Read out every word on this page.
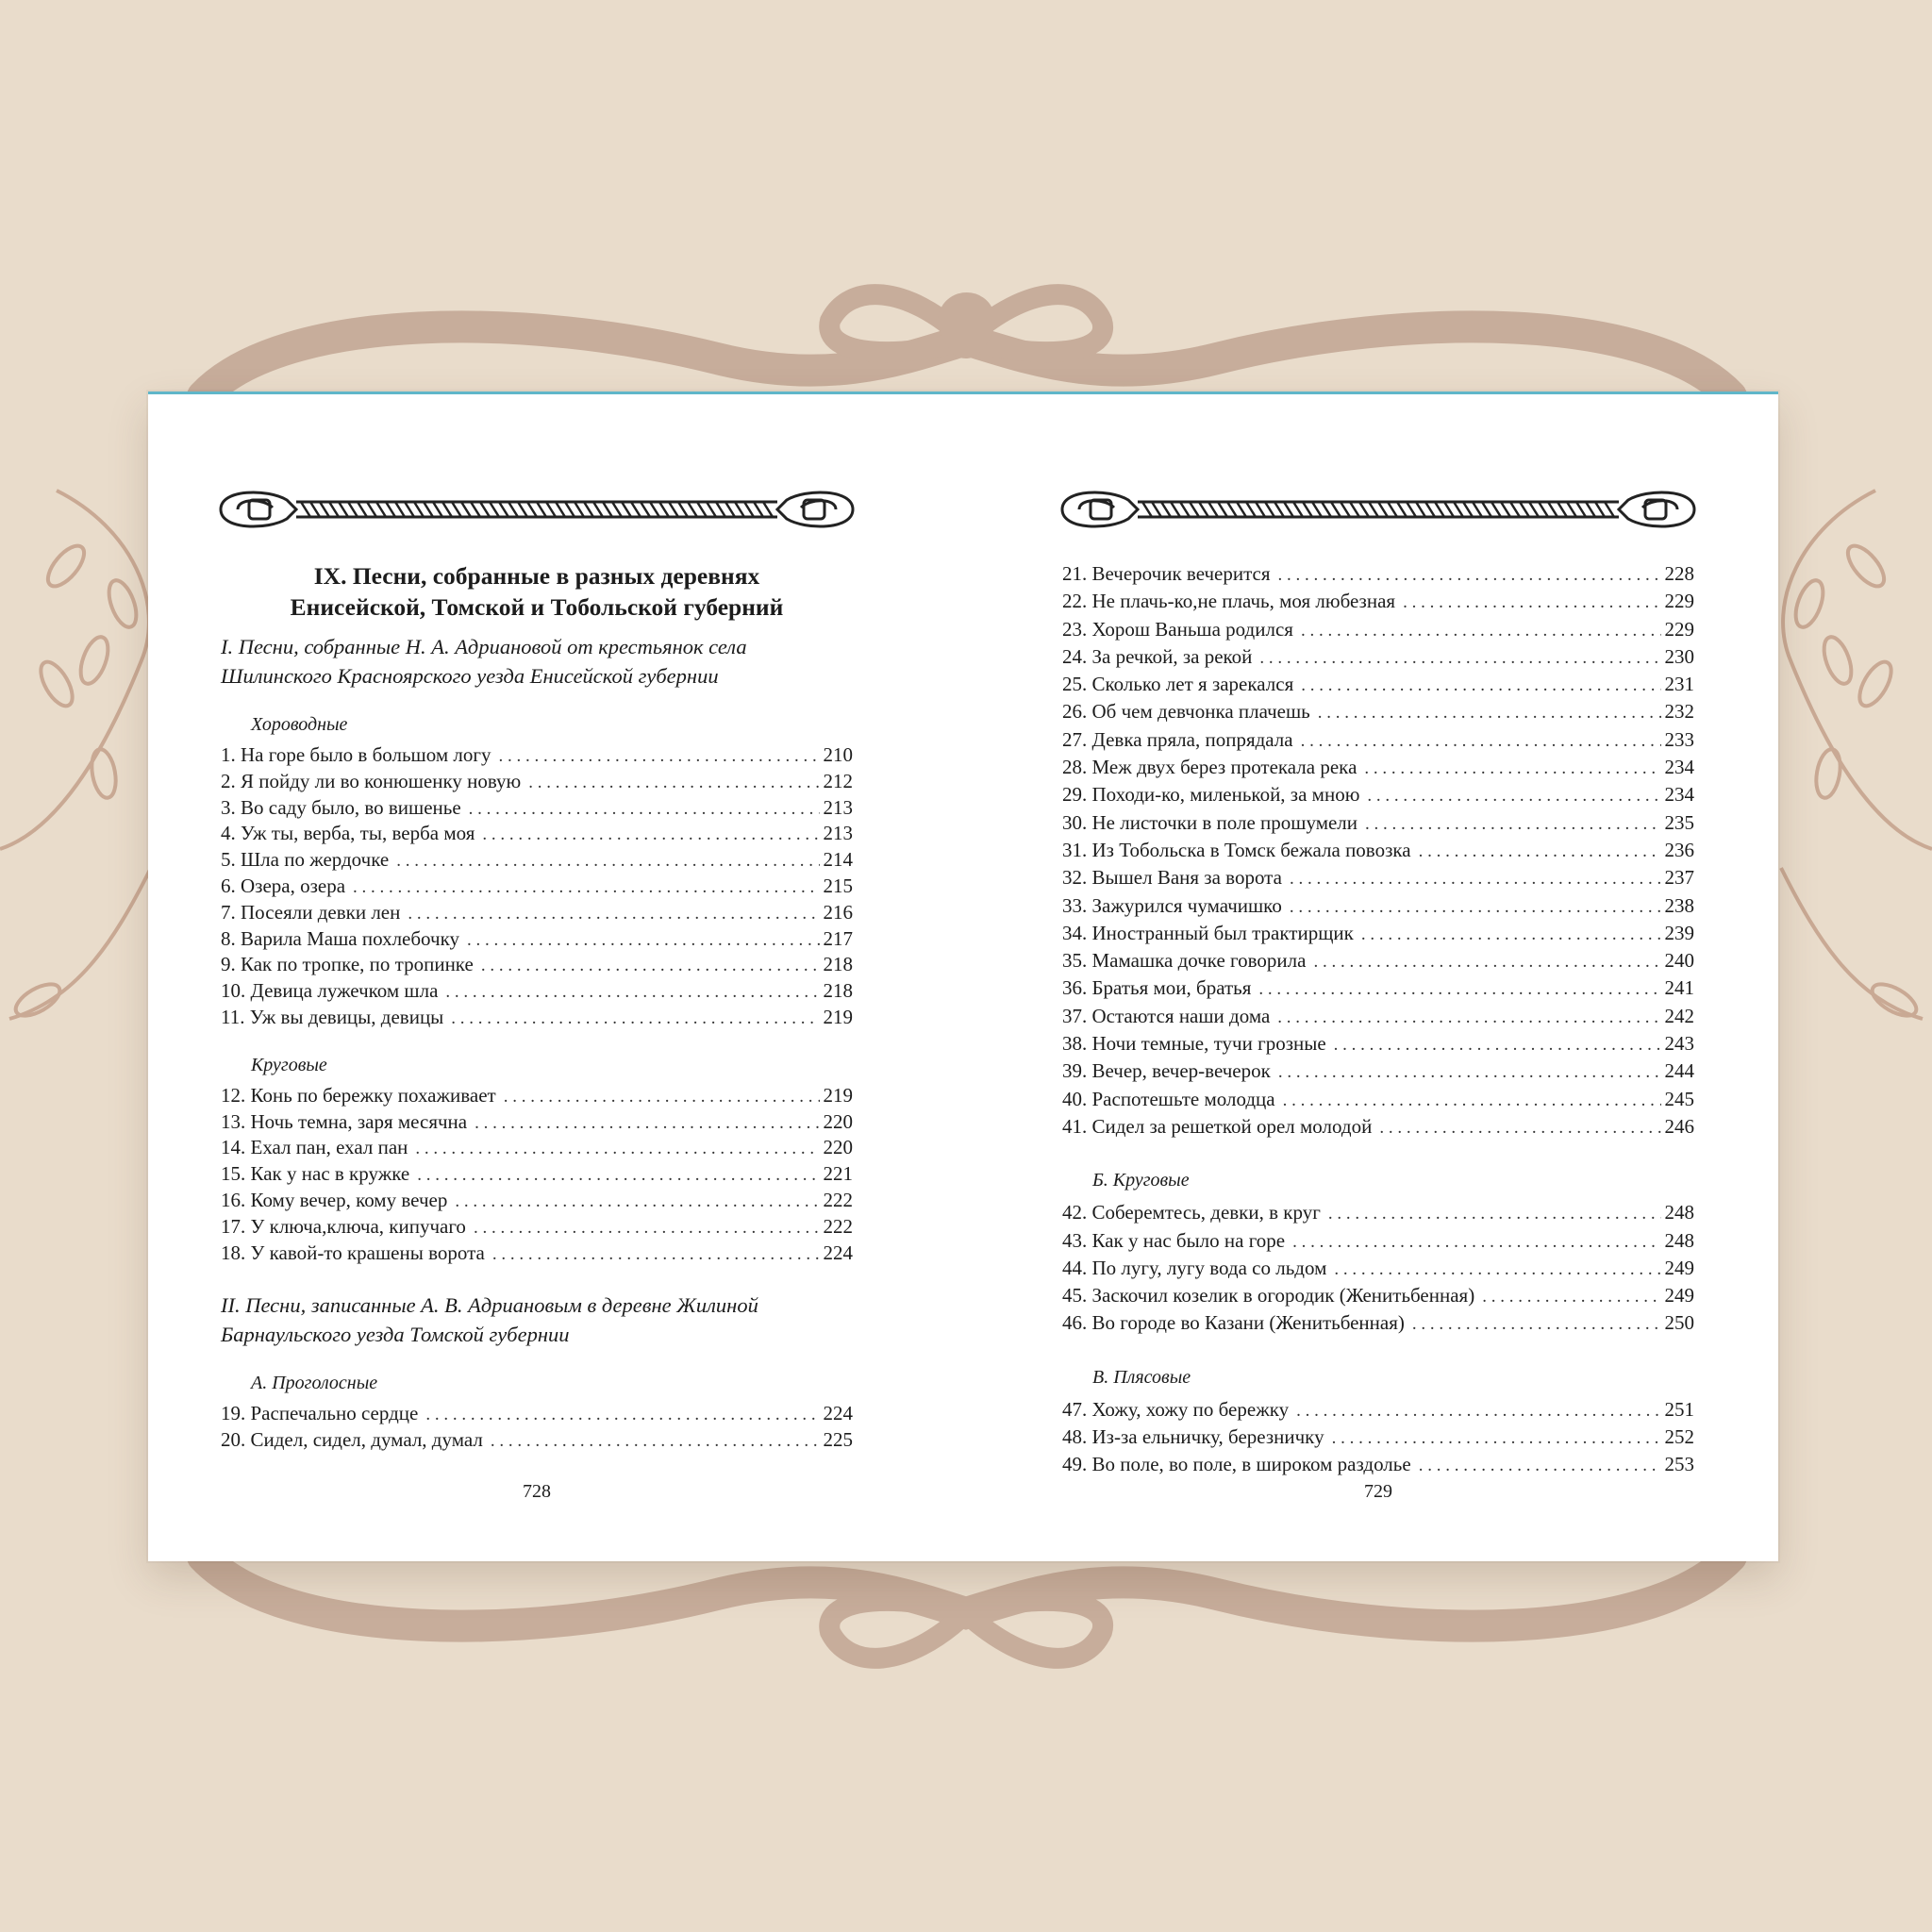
IX. Песни, собранные в разных деревнях
Енисейской, Томской и Тобольской губерний
I. Песни, собранные Н. А. Адриановой от крестьянок села Шилинского Красноярского уезда Енисейской губернии
Хороводные
1. На горе было в большом логу . . .	210
2. Я пойду ли во конюшенку новую . . .	212
3. Во саду было, во вишенье . . .	213
4. Уж ты, верба, ты, верба моя . . .	213
5. Шла по жердочке . . .	214
6. Озера, озера . . .	215
7. Посеяли девки лен . . .	216
8. Варила Маша похлебочку . . .	217
9. Как по тропке, по тропинке . . .	218
10. Девица лужечком шла . . .	218
11. Уж вы девицы, девицы . . .	219
Круговые
12. Конь по бережку похаживает . . .	219
13. Ночь темна, заря месячна . . .	220
14. Ехал пан, ехал пан . . .	220
15. Как у нас в кружке . . .	221
16. Кому вечер, кому вечер . . .	222
17. У ключа,ключа, кипучаго . . .	222
18. У кавой-то крашены ворота . . .	224
II. Песни, записанные А. В. Адриановым в деревне Жилиной Барнаульского уезда Томской губернии
А. Проголосные
19. Распечально сердце . . .	224
20. Сидел, сидел, думал, думал . . .	225
728
21. Вечерочик вечерится . . .	228
22. Не плачь-ко,не плачь, моя любезная . . .	229
23. Хорош Ваньша родился . . .	229
24. За речкой, за рекой . . .	230
25. Сколько лет я зарекался . . .	231
26. Об чем девчонка плачешь . . .	232
27. Девка пряла, попрядала . . .	233
28. Меж двух берез протекала река . . .	234
29. Походи-ко, миленькой, за мною . . .	234
30. Не листочки в поле прошумели . . .	235
31. Из Тобольска в Томск бежала повозка . . .	236
32. Вышел Ваня за ворота . . .	237
33. Зажурился чумачишко . . .	238
34. Иностранный был трактирщик . . .	239
35. Мамашка дочке говорила . . .	240
36. Братья мои, братья . . .	241
37. Остаются наши дома . . .	242
38. Ночи темные, тучи грозные . . .	243
39. Вечер, вечер-вечерок . . .	244
40. Распотешьте молодца . . .	245
41. Сидел за решеткой орел молодой . . .	246
Б. Круговые
42. Соберемтесь, девки, в круг . . .	248
43. Как у нас было на горе . . .	248
44. По лугу, лугу вода со льдом . . .	249
45. Заскочил козелик в огородик (Женитьбенная) . . .	249
46. Во городе во Казани (Женитьбенная) . . .	250
В. Плясовые
47. Хожу, хожу по бережку . . .	251
48. Из-за ельничку, березничку . . .	252
49. Во поле, во поле, в широком раздолье . . .	253
729
